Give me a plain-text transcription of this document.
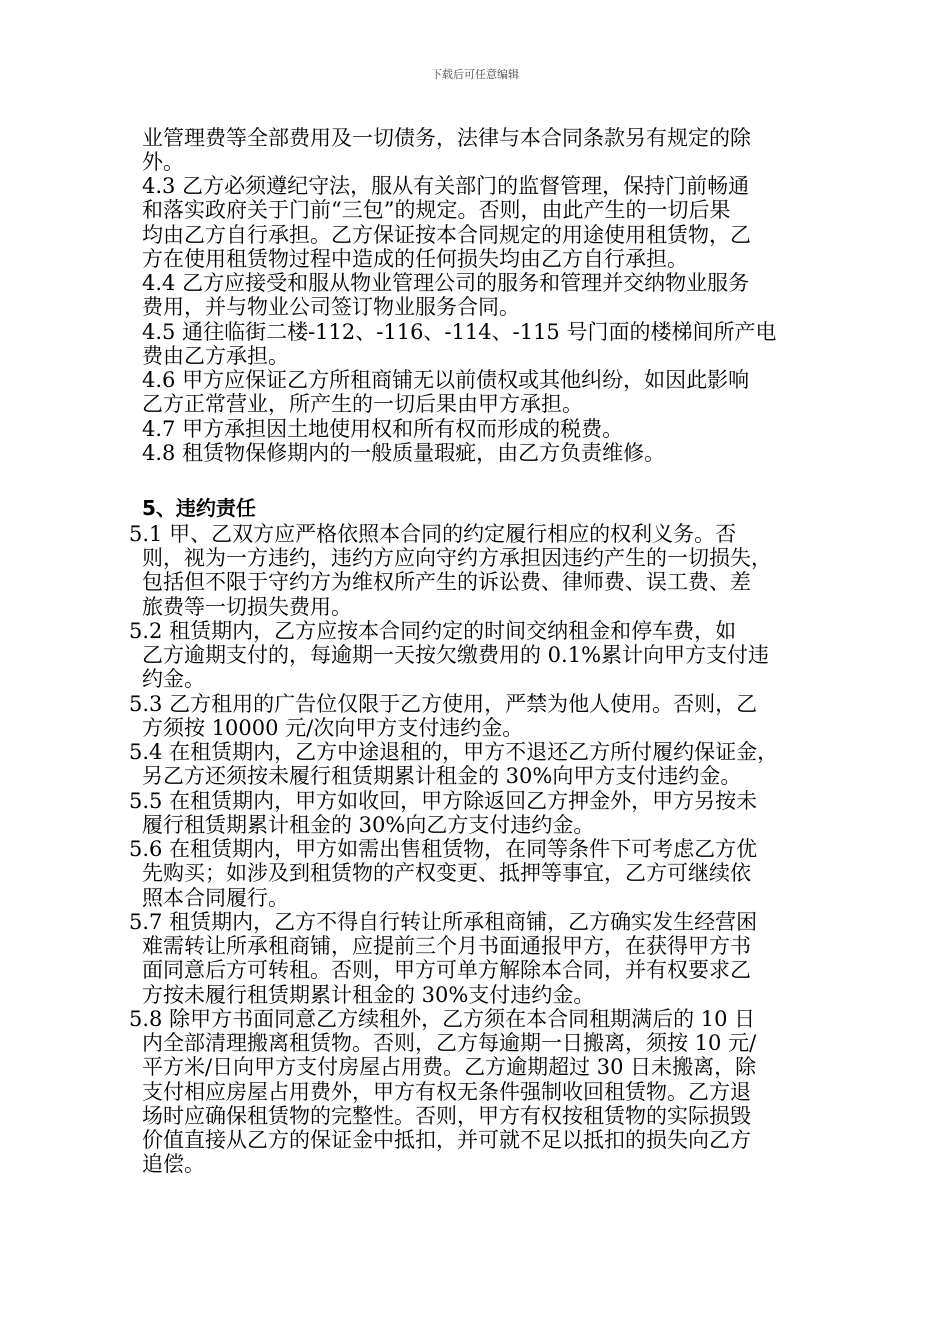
下载后可任意编辑
业管理费等全部费用及一切债务，法律与本合同条款另有规定的除
外。
4.3 乙方必须遵纪守法，服从有关部门的监督管理，保持门前畅通
和落实政府关于门前“三包”的规定。否则，由此产生的一切后果
均由乙方自行承担。乙方保证按本合同规定的用途使用租赁物，乙
方在使用租赁物过程中造成的任何损失均由乙方自行承担。
4.4 乙方应接受和服从物业管理公司的服务和管理并交纳物业服务
费用，并与物业公司签订物业服务合同。
4.5 通往临街二楼-112、-116、-114、-115 号门面的楼梯间所产电
费由乙方承担。
4.6 甲方应保证乙方所租商铺无以前债权或其他纠纷，如因此影响
乙方正常营业，所产生的一切后果由甲方承担。
4.7 甲方承担因土地使用权和所有权而形成的税费。
4.8 租赁物保修期内的一般质量瑕疵，由乙方负责维修。
5、违约责任
5.1 甲、乙双方应严格依照本合同的约定履行相应的权利义务。否
则，视为一方违约，违约方应向守约方承担因违约产生的一切损失，
包括但不限于守约方为维权所产生的诉讼费、律师费、误工费、差
旅费等一切损失费用。
5.2 租赁期内，乙方应按本合同约定的时间交纳租金和停车费，如
乙方逾期支付的，每逾期一天按欠缴费用的 0.1%累计向甲方支付违
约金。
5.3 乙方租用的广告位仅限于乙方使用，严禁为他人使用。否则，乙
方须按 10000 元/次向甲方支付违约金。
5.4 在租赁期内，乙方中途退租的，甲方不退还乙方所付履约保证金，
另乙方还须按未履行租赁期累计租金的 30%向甲方支付违约金。
5.5 在租赁期内，甲方如收回，甲方除返回乙方押金外，甲方另按未
履行租赁期累计租金的 30%向乙方支付违约金。
5.6 在租赁期内，甲方如需出售租赁物，在同等条件下可考虑乙方优
先购买；如涉及到租赁物的产权变更、抵押等事宜，乙方可继续依
照本合同履行。
5.7 租赁期内，乙方不得自行转让所承租商铺，乙方确实发生经营困
难需转让所承租商铺，应提前三个月书面通报甲方，在获得甲方书
面同意后方可转租。否则，甲方可单方解除本合同，并有权要求乙
方按未履行租赁期累计租金的 30%支付违约金。
5.8 除甲方书面同意乙方续租外，乙方须在本合同租期满后的 10 日
内全部清理搬离租赁物。否则，乙方每逾期一日搬离，须按 10 元/
平方米/日向甲方支付房屋占用费。乙方逾期超过 30 日未搬离，除
支付相应房屋占用费外，甲方有权无条件强制收回租赁物。乙方退
场时应确保租赁物的完整性。否则，甲方有权按租赁物的实际损毁
价值直接从乙方的保证金中抵扣，并可就不足以抵扣的损失向乙方
追偿。
